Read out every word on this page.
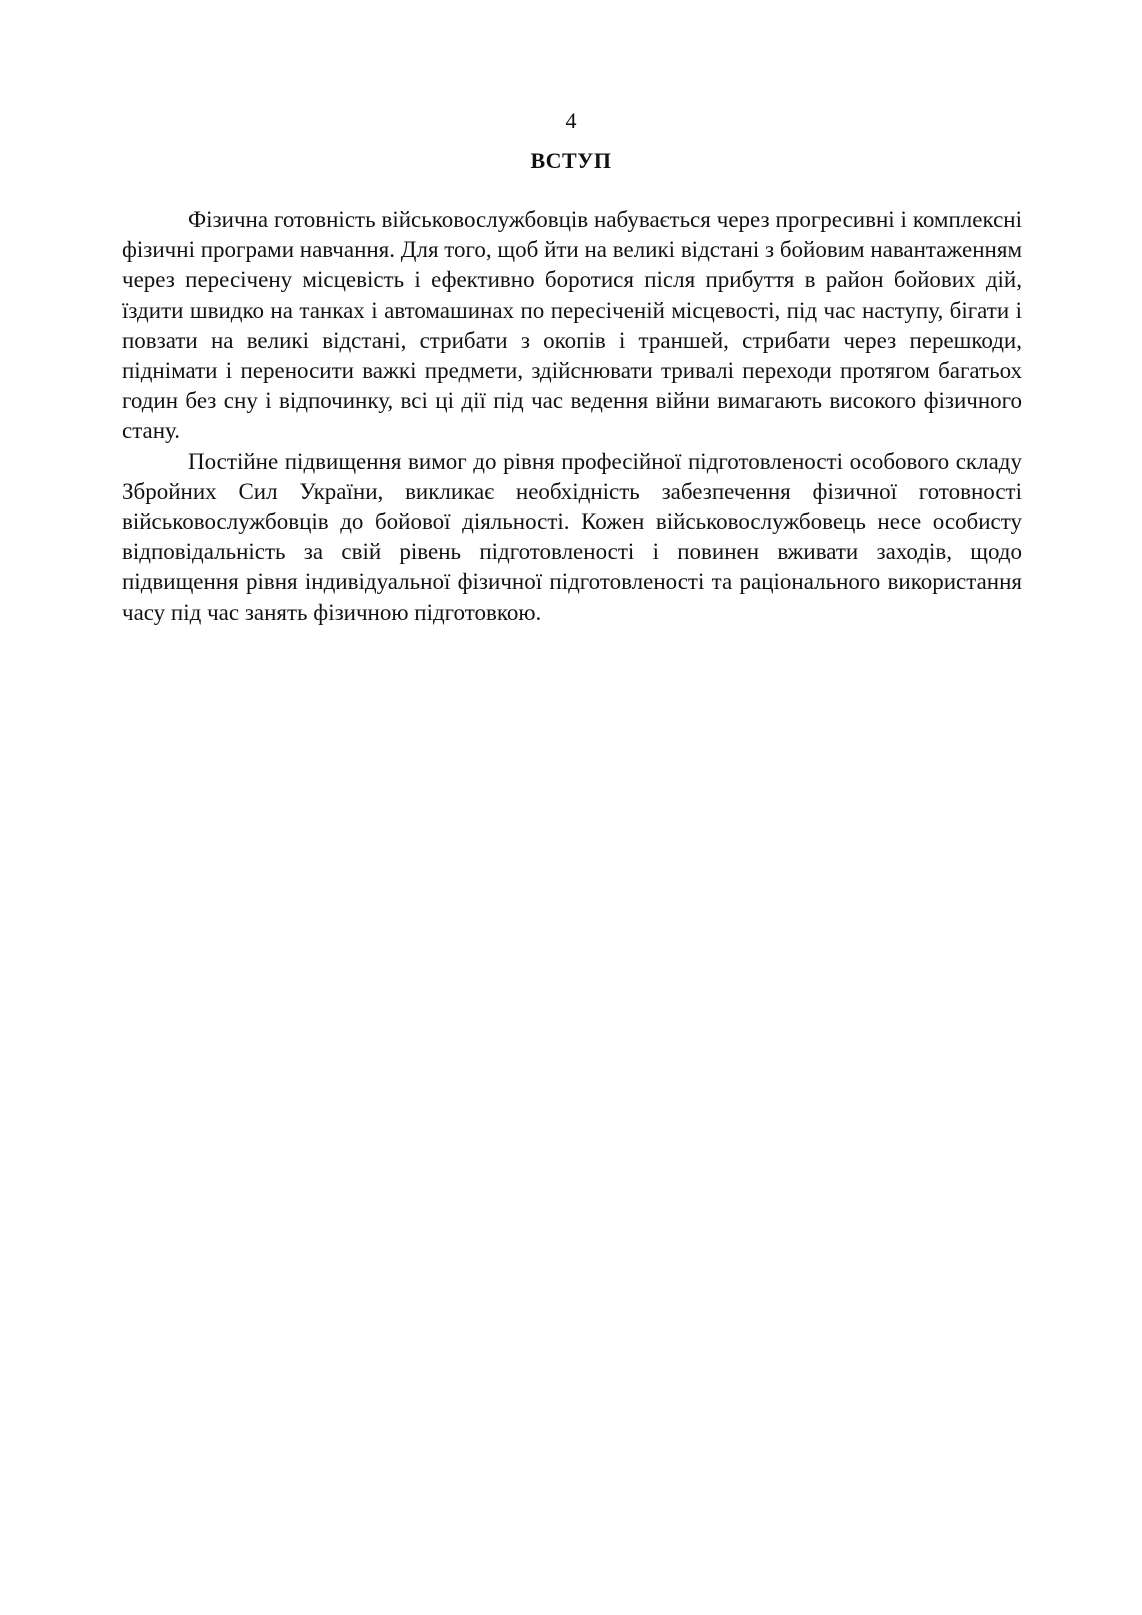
4
ВСТУП

Фізична готовність військовослужбовців набувається через прогресивні і комплексні фізичні програми навчання. Для того, щоб йти на великі відстані з бойовим навантаженням через пересічену місцевість і ефективно боротися після прибуття в район бойових дій, їздити швидко на танках і автомашинах по пересіченій місцевості, під час наступу, бігати і повзати на великі відстані, стрибати з окопів і траншей, стрибати через перешкоди, піднімати і переносити важкі предмети, здійснювати тривалі переходи протягом багатьох годин без сну і відпочинку, всі ці дії під час ведення війни вимагають високого фізичного стану.

Постійне підвищення вимог до рівня професійної підготовленості особового складу Збройних Сил України, викликає необхідність забезпечення фізичної готовності військовослужбовців до бойової діяльності. Кожен військовослужбовець несе особисту відповідальність за свій рівень підготовленості і повинен вживати заходів, щодо підвищення рівня індивідуальної фізичної підготовленості та раціонального використання часу під час занять фізичною підготовкою.
